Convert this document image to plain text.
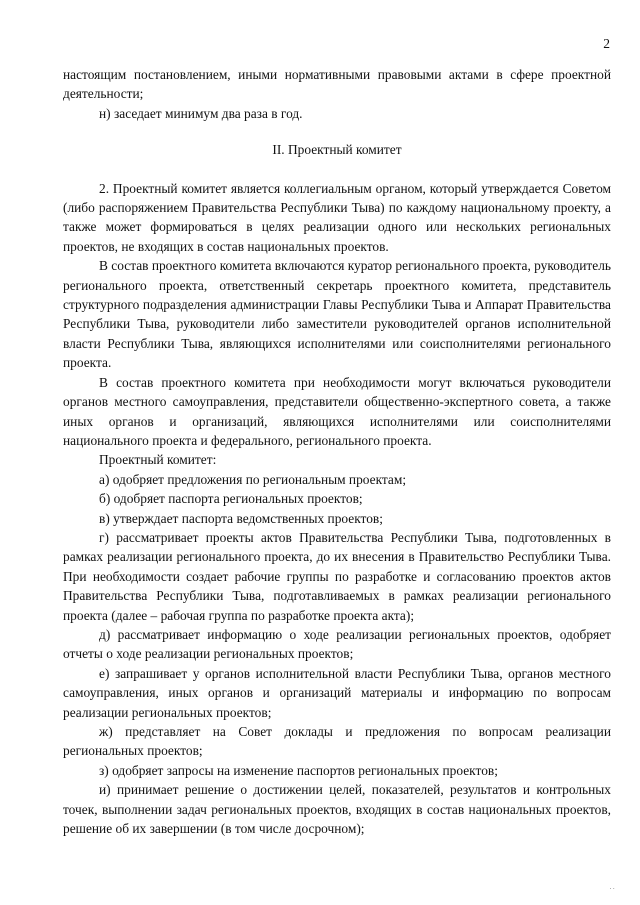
2

настоящим постановлением, иными нормативными правовыми актами в сфере проектной деятельности;

н) заседает минимум два раза в год.

II. Проектный комитет

2. Проектный комитет является коллегиальным органом, который утверждается Советом (либо распоряжением Правительства Республики Тыва) по каждому национальному проекту, а также может формироваться в целях реализации одного или нескольких региональных проектов, не входящих в состав национальных проектов.

В состав проектного комитета включаются куратор регионального проекта, руководитель регионального проекта, ответственный секретарь проектного комитета, представитель структурного подразделения администрации Главы Республики Тыва и Аппарат Правительства Республики Тыва, руководители либо заместители руководителей органов исполнительной власти Республики Тыва, являющихся исполнителями или соисполнителями регионального проекта.

В состав проектного комитета при необходимости могут включаться руководители органов местного самоуправления, представители общественно-экспертного совета, а также иных органов и организаций, являющихся исполнителями или соисполнителями национального проекта и федерального, регионального проекта.

Проектный комитет:

а) одобряет предложения по региональным проектам;

б) одобряет паспорта региональных проектов;

в) утверждает паспорта ведомственных проектов;

г) рассматривает проекты актов Правительства Республики Тыва, подготовленных в рамках реализации регионального проекта, до их внесения в Правительство Республики Тыва. При необходимости создает рабочие группы по разработке и согласованию проектов актов Правительства Республики Тыва, подготавливаемых в рамках реализации регионального проекта (далее – рабочая группа по разработке проекта акта);

д) рассматривает информацию о ходе реализации региональных проектов, одобряет отчеты о ходе реализации региональных проектов;

е) запрашивает у органов исполнительной власти Республики Тыва, органов местного самоуправления, иных органов и организаций материалы и информацию по вопросам реализации региональных проектов;

ж) представляет на Совет доклады и предложения по вопросам реализации региональных проектов;

з) одобряет запросы на изменение паспортов региональных проектов;

и) принимает решение о достижении целей, показателей, результатов и контрольных точек, выполнении задач региональных проектов, входящих в состав национальных проектов, решение об их завершении (в том числе досрочном);

··
